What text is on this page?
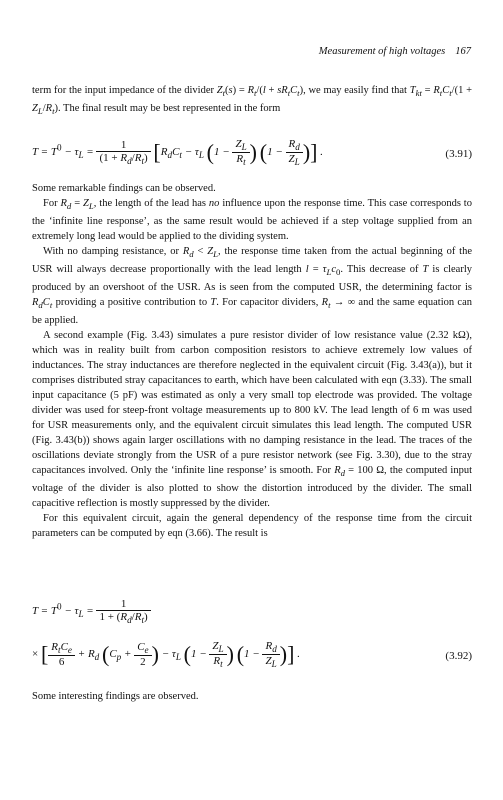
Measurement of high voltages 167

term for the input impedance of the divider $Z_t(s) = R_t/(l + sR_tC_t)$, we may easily find that $T_{kt} = R_tC_t/(1 + Z_L/R_t)$. The final result may be best represented in the form

$T = T^0 - \tau_L = \frac{1}{(1 + R_d/R_t)} [R_dC_t - \tau_L$ ($1 - \frac{Z_L}{R_t}$ ) ($1 - \frac{R_d}{Z_L}$ )] .	(3.91)

Some remarkable findings can be observed.

For $R_d = Z_L$, the length of the lead has no influence upon the response time. This case corresponds to the ‘infinite line response’, as the same result would be achieved if a step voltage supplied from an extremely long lead would be applied to the dividing system.

With no damping resistance, or $R_d < Z_L$, the response time taken from the actual beginning of the USR will always decrease proportionally with the lead length $l = \tau_Lc_0$. This decrease of T is clearly produced by an overshoot of the USR. As is seen from the computed USR, the determining factor is $R_dC_t$ providing a positive contribution to T. For capacitor dividers, $R_t$ → ∞ and the same equation can be applied.

A second example (Fig. 3.43) simulates a pure resistor divider of low resistance value (2.32 kΩ), which was in reality built from carbon composition resistors to achieve extremely low values of inductances. The stray inductances are therefore neglected in the equivalent circuit (Fig. 3.43(a)), but it comprises distributed stray capacitances to earth, which have been calculated with eqn (3.33). The small input capacitance (5 pF) was estimated as only a very small top electrode was provided. The voltage divider was used for steep-front voltage measurements up to 800 kV. The lead length of 6 m was used for USR measurements only, and the equivalent circuit simulates this lead length. The computed USR (Fig. 3.43(b)) shows again larger oscillations with no damping resistance in the lead. The traces of the oscillations deviate strongly from the USR of a pure resistor network (see Fig. 3.30), due to the stray capacitances involved. Only the ‘infinite line response’ is smooth. For $R_d = 100$ Ω, the computed input voltage of the divider is also plotted to show the distortion introduced by the divider. The small capacitive reflection is mostly suppressed by the divider.

For this equivalent circuit, again the general dependency of the response time from the circuit parameters can be computed by eqn (3.66). The result is

$T = T^0 - \tau_L = \frac{1}{1 + (R_d/R_t)}$
× [ $\frac{R_tC_e}{6} + R_d$ ($C_p + \frac{C_e}{2}$ ) − $\tau_L$ ($1 - \frac{Z_L}{R_t}$ ) ($1 - \frac{R_d}{Z_L}$ )] .	(3.92)

Some interesting findings are observed.
